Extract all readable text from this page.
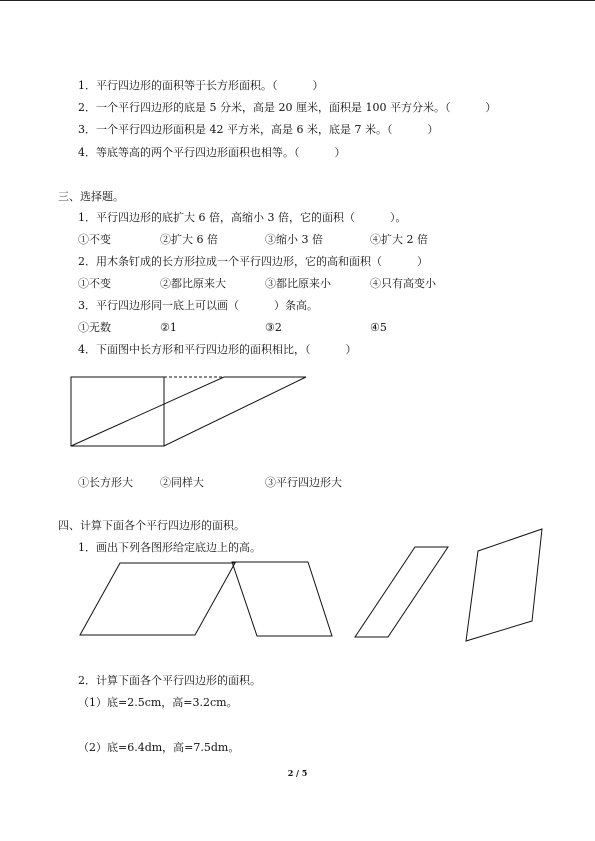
1．平行四边形的面积等于长方形面积。（          ）
2．一个平行四边形的底是 5 分米，高是 20 厘米，面积是 100 平方分米。（          ）
3．一个平行四边形面积是 42 平方米，高是 6 米，底是 7 米。（          ）
4．等底等高的两个平行四边形面积也相等。（          ）
三、选择题。
1．平行四边形的底扩大 6 倍，高缩小 3 倍，它的面积（          ）。
①不变	②扩大 6 倍	③缩小 3 倍	④扩大 2 倍
2．用木条钉成的长方形拉成一个平行四边形，它的高和面积（          ）
①不变	②都比原来大	③都比原来小	④只有高变小
3．平行四边形同一底上可以画（          ）条高。
①无数	②1	③2	④5
4．下面图中长方形和平行四边形的面积相比，（          ）
①长方形大 ②同样大	③平行四边形大
四、计算下面各个平行四边形的面积。
1．画出下列各图形给定底边上的高。
2．计算下面各个平行四边形的面积。
（1）底=2.5cm，高=3.2cm。
（2）底=6.4dm，高=7.5dm。
2 / 5
